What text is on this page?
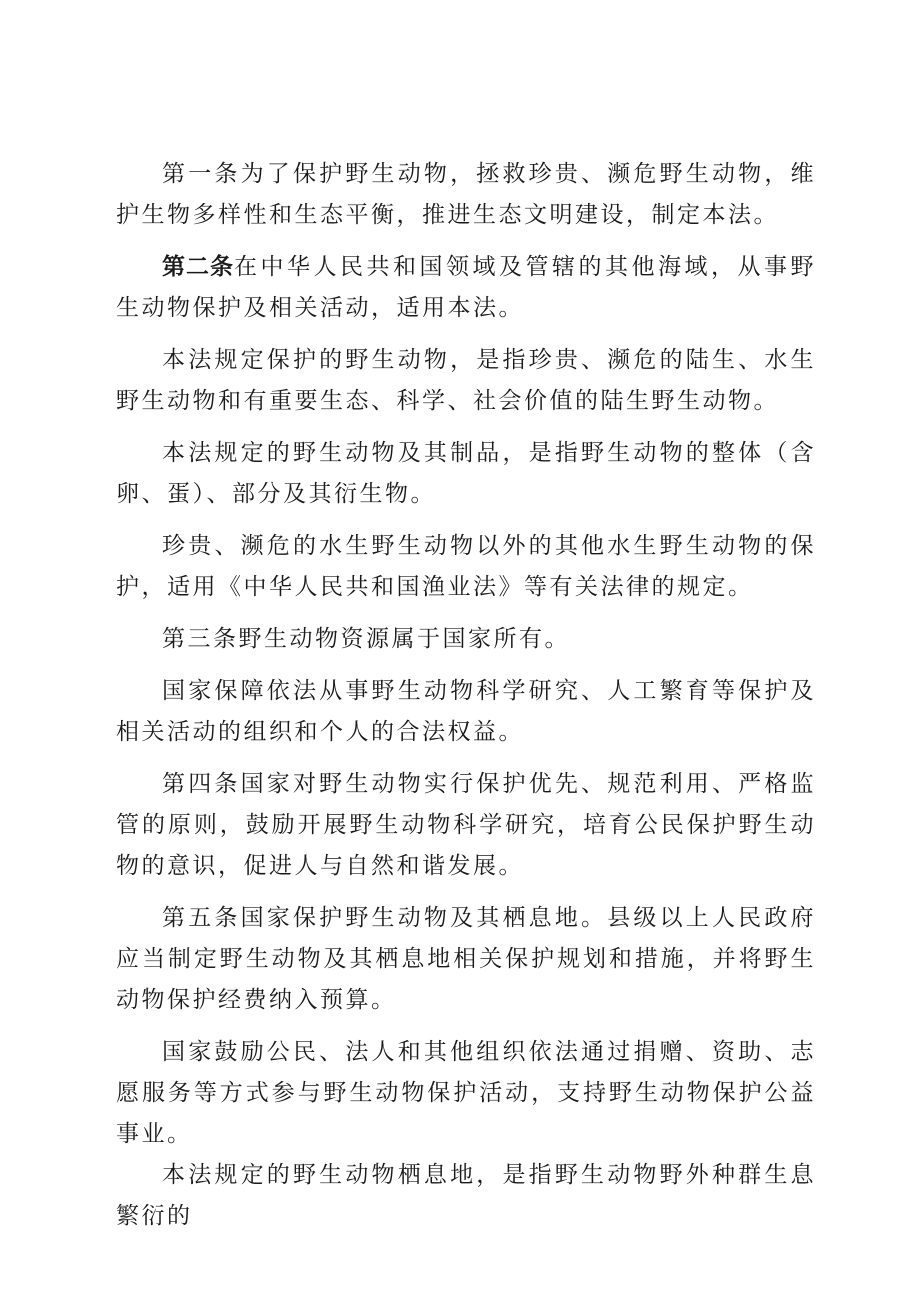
第一条为了保护野生动物，拯救珍贵、濒危野生动物，维护生物多样性和生态平衡，推进生态文明建设，制定本法。

第二条在中华人民共和国领域及管辖的其他海域，从事野生动物保护及相关活动，适用本法。

本法规定保护的野生动物，是指珍贵、濒危的陆生、水生野生动物和有重要生态、科学、社会价值的陆生野生动物。

本法规定的野生动物及其制品，是指野生动物的整体（含卵、蛋）、部分及其衍生物。

珍贵、濒危的水生野生动物以外的其他水生野生动物的保护，适用《中华人民共和国渔业法》等有关法律的规定。

第三条野生动物资源属于国家所有。

国家保障依法从事野生动物科学研究、人工繁育等保护及相关活动的组织和个人的合法权益。

第四条国家对野生动物实行保护优先、规范利用、严格监管的原则，鼓励开展野生动物科学研究，培育公民保护野生动物的意识，促进人与自然和谐发展。

第五条国家保护野生动物及其栖息地。县级以上人民政府应当制定野生动物及其栖息地相关保护规划和措施，并将野生动物保护经费纳入预算。

国家鼓励公民、法人和其他组织依法通过捐赠、资助、志愿服务等方式参与野生动物保护活动，支持野生动物保护公益事业。

本法规定的野生动物栖息地，是指野生动物野外种群生息繁衍的
